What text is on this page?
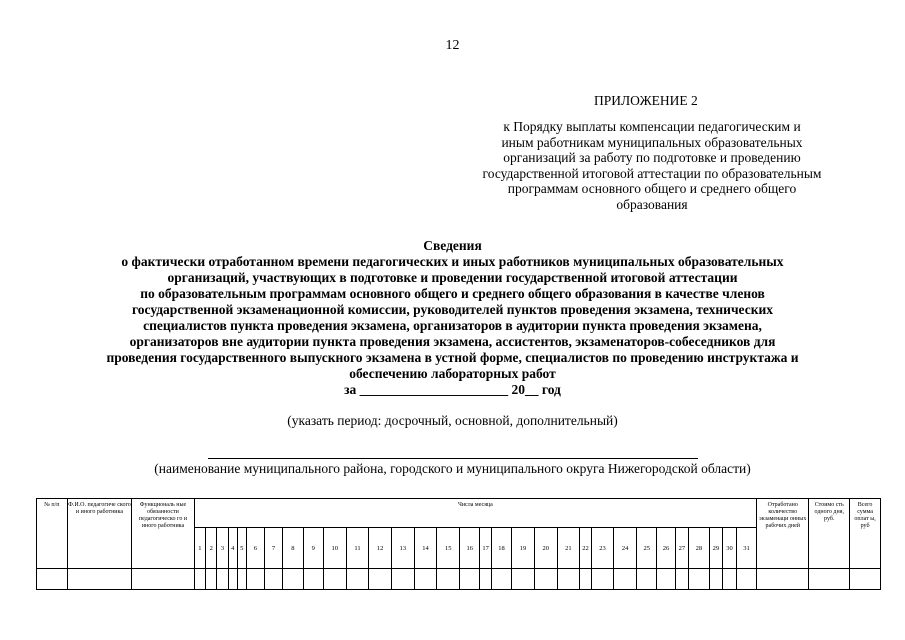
12
ПРИЛОЖЕНИЕ 2
к Порядку выплаты компенсации педагогическим и
иным работникам муниципальных образовательных
организаций за работу по подготовке и проведению
государственной итоговой аттестации по образовательным
программам основного общего и среднего общего
образования
Сведения
о фактически отработанном времени педагогических и иных работников муниципальных образовательных
организаций, участвующих в подготовке и проведении государственной итоговой аттестации
по образовательным программам основного общего и среднего общего образования в качестве членов
государственной экзаменационной комиссии, руководителей пунктов проведения экзамена, технических
специалистов пункта проведения экзамена, организаторов в аудитории пункта проведения экзамена,
организаторов вне аудитории пункта проведения экзамена, ассистентов, экзаменаторов-собеседников для
проведения государственного выпускного экзамена в устной форме, специалистов по проведению инструктажа и
обеспечению лабораторных работ
за ______________________ 20__ год
(указать период: досрочный, основной, дополнительный)
(наименование муниципального района, городского и муниципального округа Нижегородской области)
№ п/п	Ф.И.О. педагогиче ского и иного работника	Функциональ ные обязанности педагогическо го и иного работника	Числа месяца																															Отработано количество экзаменаци онных рабочих дней	Стоимо сть одного дня, руб.	Всего сумма оплат ы, руб
			1	2	3	4	5	6	7	8	9	10	11	12	13	14	15	16	17	18	19	20	21	22	23	24	25	26	27	28	29	30	31			
